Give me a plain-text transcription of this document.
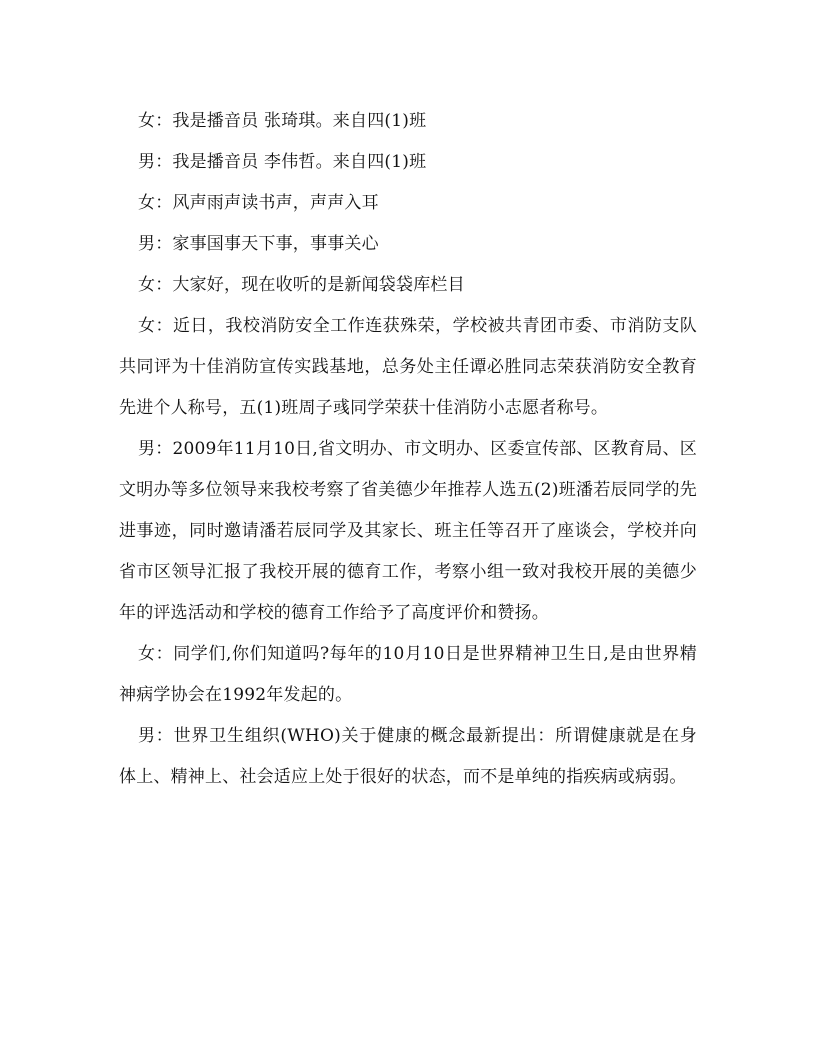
女：我是播音员 张琦琪。来自四(1)班

男：我是播音员 李伟哲。来自四(1)班

女：风声雨声读书声，声声入耳

男：家事国事天下事，事事关心

女：大家好，现在收听的是新闻袋袋库栏目

女：近日，我校消防安全工作连获殊荣，学校被共青团市委、市消防支队共同评为十佳消防宣传实践基地，总务处主任谭必胜同志荣获消防安全教育先进个人称号，五(1)班周子彧同学荣获十佳消防小志愿者称号。

男：2009年11月10日,省文明办、市文明办、区委宣传部、区教育局、区文明办等多位领导来我校考察了省美德少年推荐人选五(2)班潘若辰同学的先进事迹，同时邀请潘若辰同学及其家长、班主任等召开了座谈会，学校并向省市区领导汇报了我校开展的德育工作，考察小组一致对我校开展的美德少年的评选活动和学校的德育工作给予了高度评价和赞扬。

女：同学们,你们知道吗?每年的10月10日是世界精神卫生日,是由世界精神病学协会在1992年发起的。

男：世界卫生组织(WHO)关于健康的概念最新提出：所谓健康就是在身体上、精神上、社会适应上处于很好的状态，而不是单纯的指疾病或病弱。
